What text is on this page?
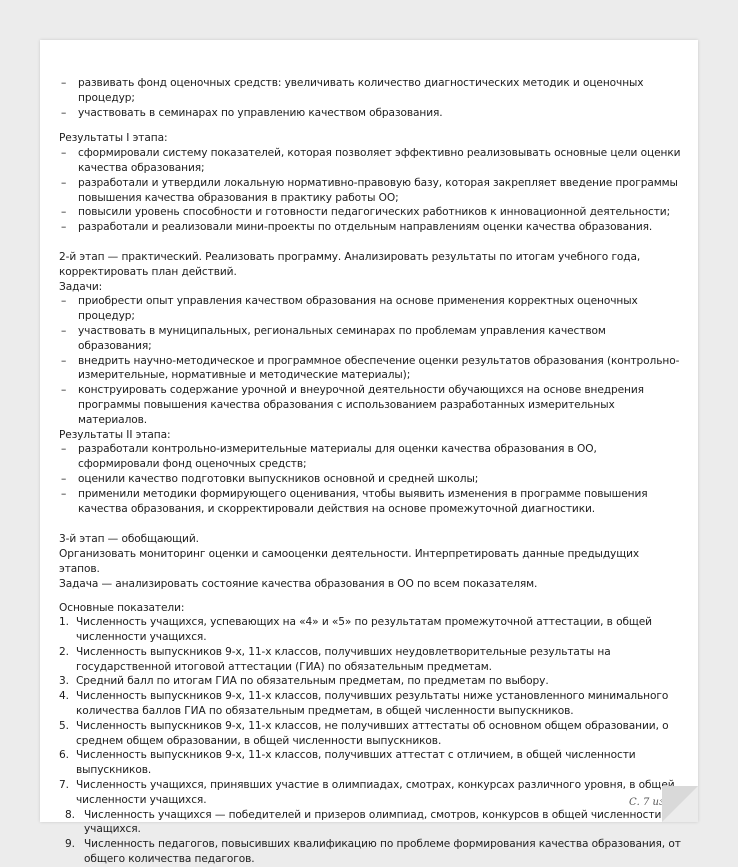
– развивать фонд оценочных средств: увеличивать количество диагностических методик и оценочных процедур;

– участвовать в семинарах по управлению качеством образования.

Результаты I этапа:

– сформировали систему показателей, которая позволяет эффективно реализовывать основные цели оценки качества образования;

– разработали и утвердили локальную нормативно-правовую базу, которая закрепляет введение программы повышения качества образования в практику работы ОО;

– повысили уровень способности и готовности педагогических работников к инновационной деятельности;

– разработали и реализовали мини-проекты по отдельным направлениям оценки качества образования.

2-й этап — практический. Реализовать программу. Анализировать результаты по итогам учебного года, корректировать план действий.

Задачи:

– приобрести опыт управления качеством образования на основе применения корректных оценочных процедур;

– участвовать в муниципальных, региональных семинарах по проблемам управления качеством образования;

– внедрить научно-методическое и программное обеспечение оценки результатов образования (контрольно-измерительные, нормативные и методические материалы);

– конструировать содержание урочной и внеурочной деятельности обучающихся на основе внедрения программы повышения качества образования с использованием разработанных измерительных материалов.

Результаты II этапа:

– разработали контрольно-измерительные материалы для оценки качества образования в ОО, сформировали фонд оценочных средств;

– оценили качество подготовки выпускников основной и средней школы;

– применили методики формирующего оценивания, чтобы выявить изменения в программе повышения качества образования, и скорректировали действия на основе промежуточной диагностики.

3-й этап — обобщающий.

Организовать мониторинг оценки и самооценки деятельности. Интерпретировать данные предыдущих этапов.

Задача — анализировать состояние качества образования в ОО по всем показателям.

Основные показатели:

1. Численность учащихся, успевающих на «4» и «5» по результатам промежуточной аттестации, в общей численности учащихся.

2. Численность выпускников 9-х, 11-х классов, получивших неудовлетворительные результаты на государственной итоговой аттестации (ГИА) по обязательным предметам.

3. Средний балл по итогам ГИА по обязательным предметам, по предметам по выбору.

4. Численность выпускников 9-х, 11-х классов, получивших результаты ниже установленного минимального количества баллов ГИА по обязательным предметам, в общей численности выпускников.

5. Численность выпускников 9-х, 11-х классов, не получивших аттестаты об основном общем образовании, о среднем общем образовании, в общей численности выпускников.

6. Численность выпускников 9-х, 11-х классов, получивших аттестат с отличием, в общей численности выпускников.

7. Численность учащихся, принявших участие в олимпиадах, смотрах, конкурсах различного уровня, в общей численности учащихся.

8. Численность учащихся — победителей и призеров олимпиад, смотров, конкурсов в общей численности учащихся.

9. Численность педагогов, повысивших квалификацию по проблеме формирования качества образования, от общего количества педагогов.

С. 7 из 9
